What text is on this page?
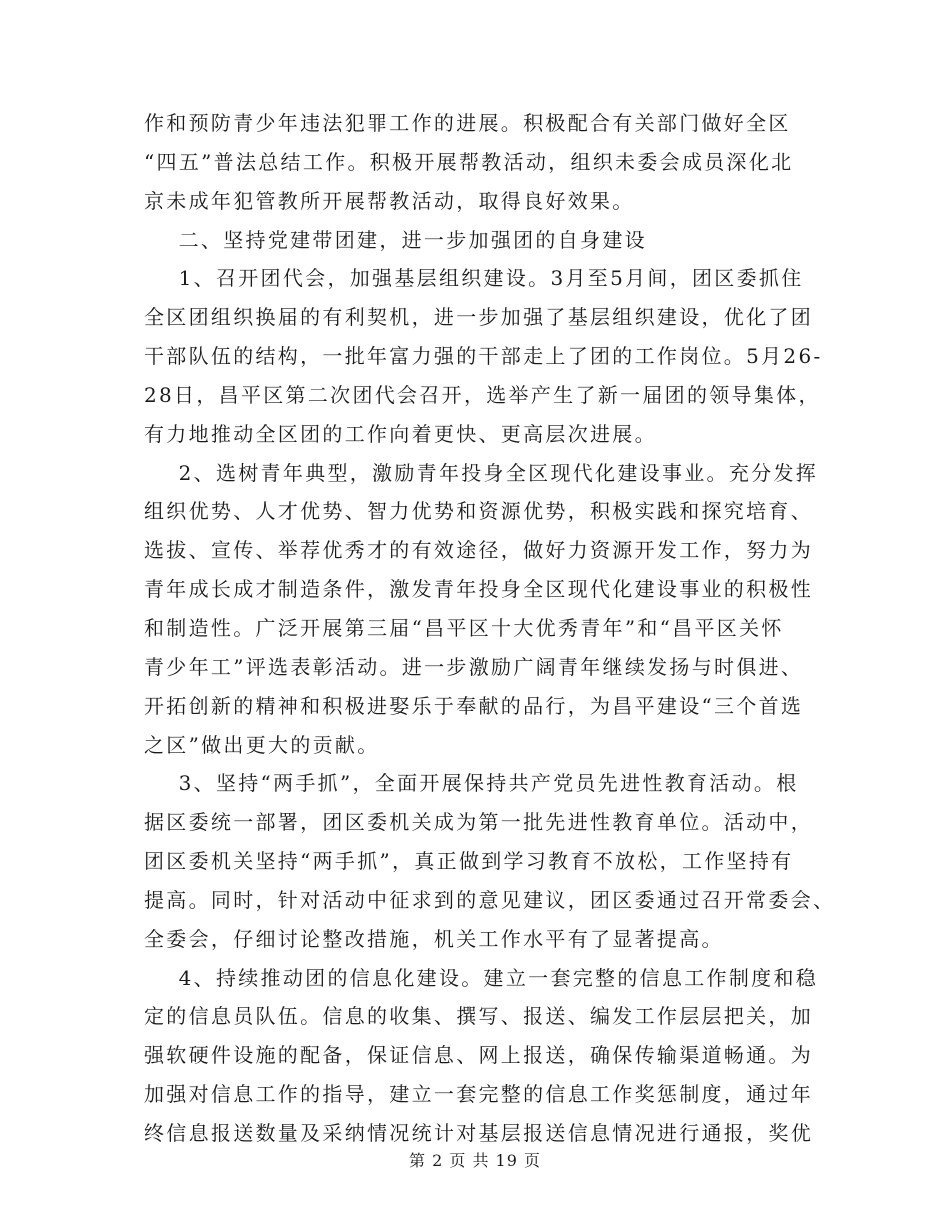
作和预防青少年违法犯罪工作的进展。积极配合有关部门做好全区
“四五”普法总结工作。积极开展帮教活动，组织未委会成员深化北
京未成年犯管教所开展帮教活动，取得良好效果。
二、坚持党建带团建，进一步加强团的自身建设
1、召开团代会，加强基层组织建设。3月至5月间，团区委抓住
全区团组织换届的有利契机，进一步加强了基层组织建设，优化了团
干部队伍的结构，一批年富力强的干部走上了团的工作岗位。5月26-
28日，昌平区第二次团代会召开，选举产生了新一届团的领导集体，
有力地推动全区团的工作向着更快、更高层次进展。
2、选树青年典型，激励青年投身全区现代化建设事业。充分发挥
组织优势、人才优势、智力优势和资源优势，积极实践和探究培育、
选拔、宣传、举荐优秀才的有效途径，做好力资源开发工作，努力为
青年成长成才制造条件，激发青年投身全区现代化建设事业的积极性
和制造性。广泛开展第三届“昌平区十大优秀青年”和“昌平区关怀
青少年工”评选表彰活动。进一步激励广阔青年继续发扬与时俱进、
开拓创新的精神和积极进娶乐于奉献的品行，为昌平建设“三个首选
之区”做出更大的贡献。
3、坚持“两手抓”，全面开展保持共产党员先进性教育活动。根
据区委统一部署，团区委机关成为第一批先进性教育单位。活动中，
团区委机关坚持“两手抓”，真正做到学习教育不放松，工作坚持有
提高。同时，针对活动中征求到的意见建议，团区委通过召开常委会、
全委会，仔细讨论整改措施，机关工作水平有了显著提高。
4、持续推动团的信息化建设。建立一套完整的信息工作制度和稳
定的信息员队伍。信息的收集、撰写、报送、编发工作层层把关，加
强软硬件设施的配备，保证信息、网上报送，确保传输渠道畅通。为
加强对信息工作的指导，建立一套完整的信息工作奖惩制度，通过年
终信息报送数量及采纳情况统计对基层报送信息情况进行通报，奖优
第 2 页 共 19 页
